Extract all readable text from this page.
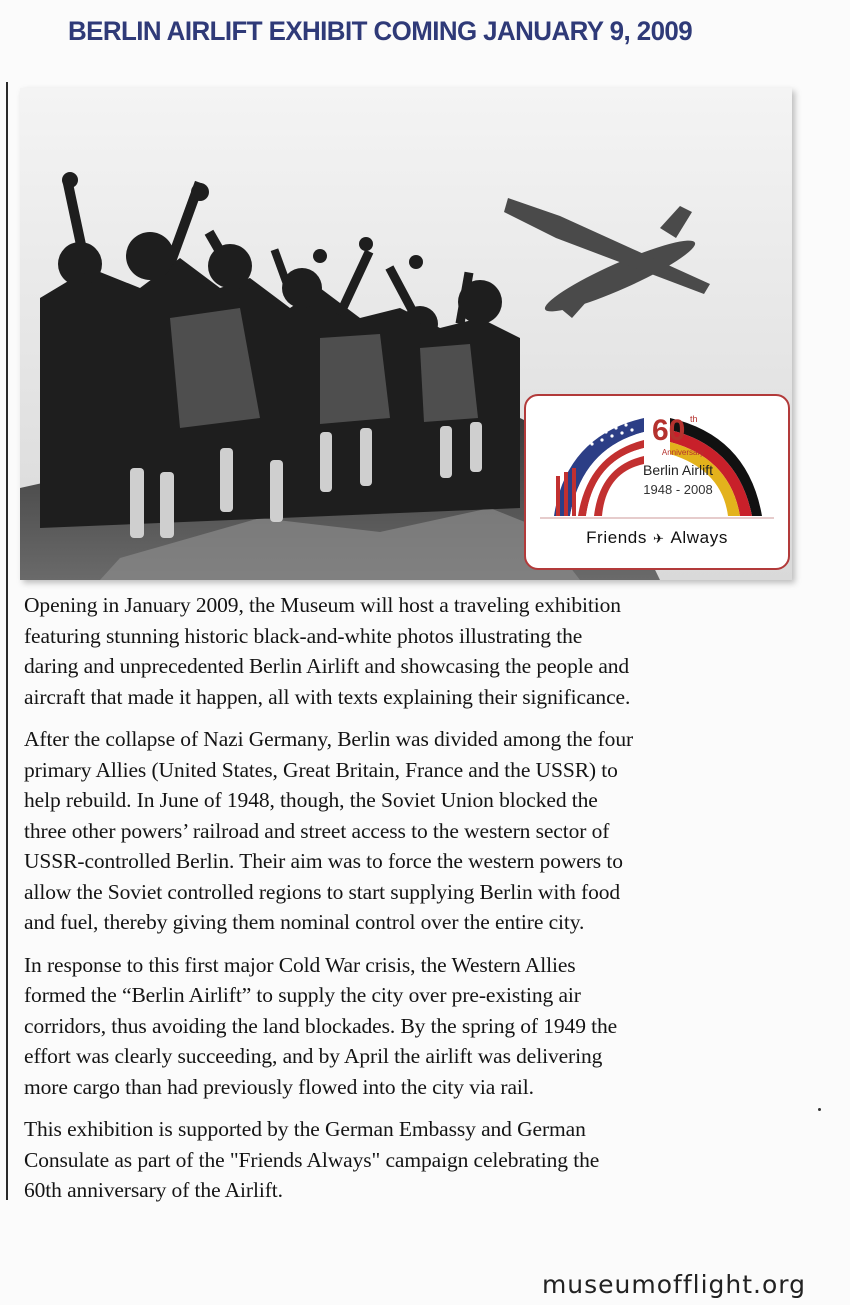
BERLIN AIRLIFT EXHIBIT COMING JANUARY 9, 2009
60 th
Anniversary
Berlin Airlift
1948 - 2008
Friends ✈ Always

Opening in January 2009, the Museum will host a traveling exhibition
featuring stunning historic black-and-white photos illustrating the
daring and unprecedented Berlin Airlift and showcasing the people and
aircraft that made it happen, all with texts explaining their significance.

After the collapse of Nazi Germany, Berlin was divided among the four
primary Allies (United States, Great Britain, France and the USSR) to
help rebuild. In June of 1948, though, the Soviet Union blocked the
three other powers’ railroad and street access to the western sector of
USSR-controlled Berlin. Their aim was to force the western powers to
allow the Soviet controlled regions to start supplying Berlin with food
and fuel, thereby giving them nominal control over the entire city.

In response to this first major Cold War crisis, the Western Allies
formed the “Berlin Airlift” to supply the city over pre-existing air
corridors, thus avoiding the land blockades. By the spring of 1949 the
effort was clearly succeeding, and by April the airlift was delivering
more cargo than had previously flowed into the city via rail.

This exhibition is supported by the German Embassy and German
Consulate as part of the "Friends Always" campaign celebrating the
60th anniversary of the Airlift.

museumofflight.org
